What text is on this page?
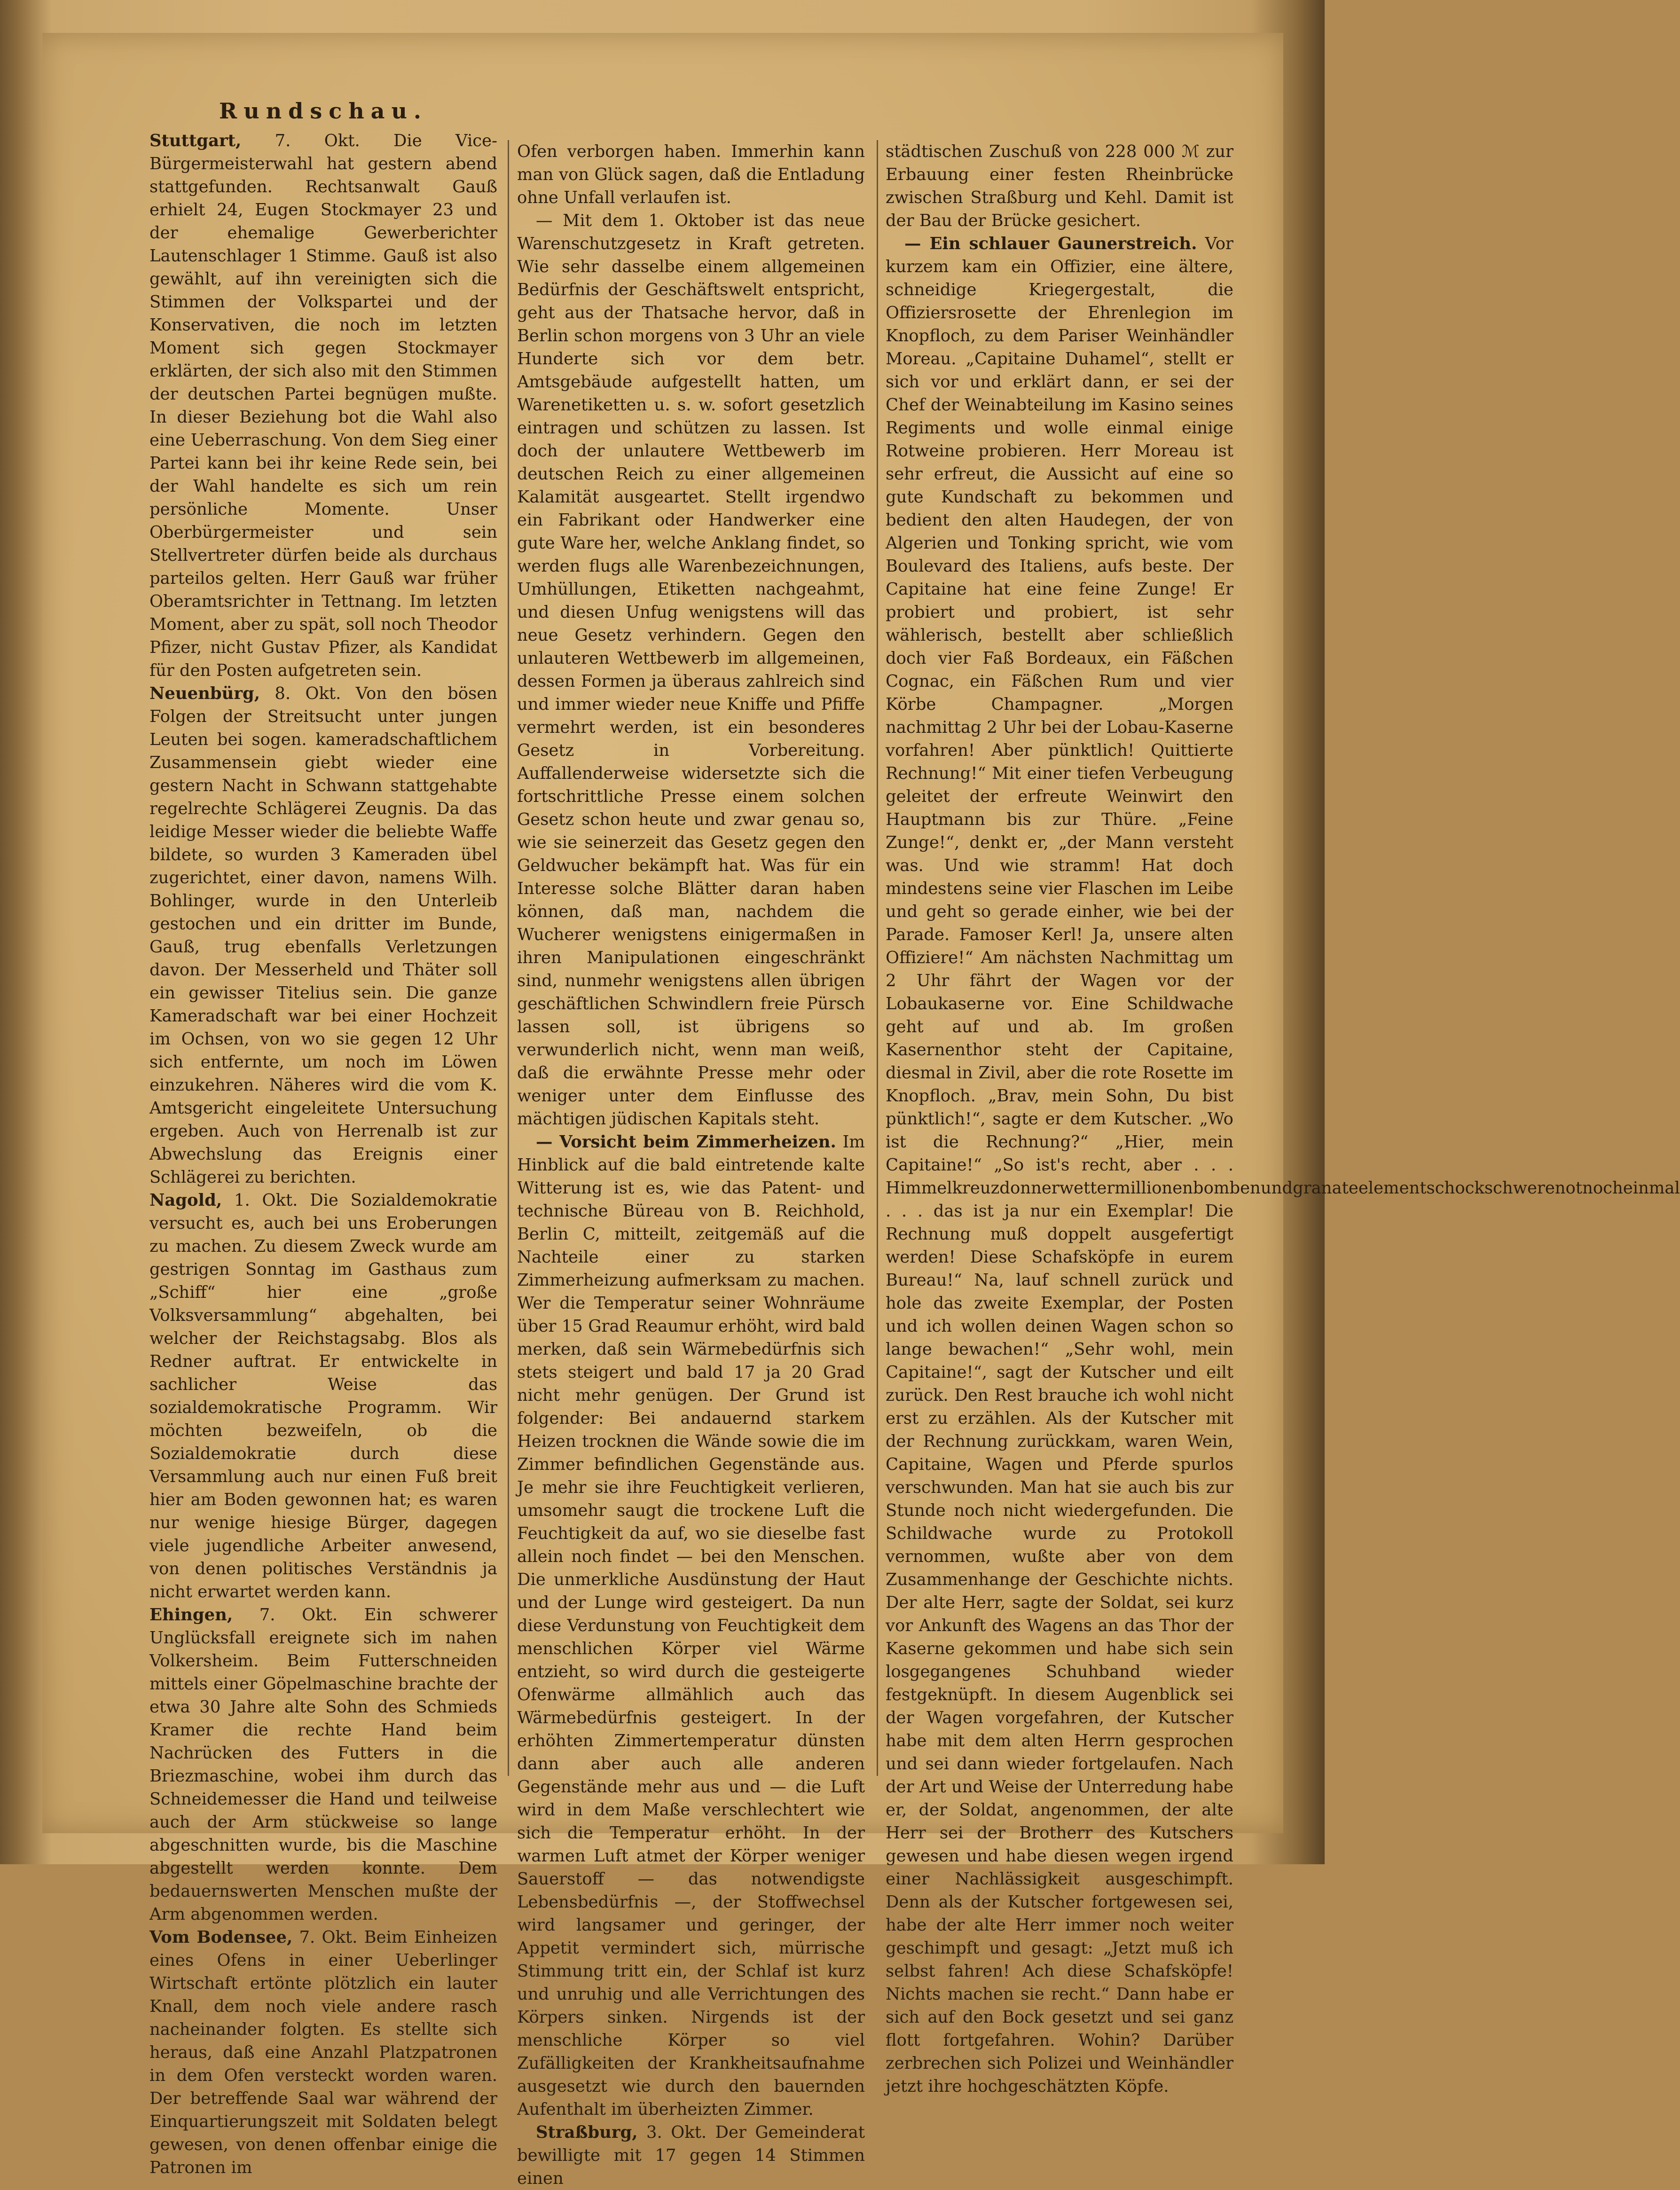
Rundschau.

Stuttgart, 7. Okt. Die Vice-Bürgermeisterwahl hat gestern abend stattgefunden. Rechtsanwalt Gauß erhielt 24, Eugen Stockmayer 23 und der ehemalige Gewerberichter Lautenschlager 1 Stimme. Gauß ist also gewählt, auf ihn vereinigten sich die Stimmen der Volkspartei und der Konservativen, die noch im letzten Moment sich gegen Stockmayer erklärten, der sich also mit den Stimmen der deutschen Partei begnügen mußte. In dieser Beziehung bot die Wahl also eine Ueberraschung. Von dem Sieg einer Partei kann bei ihr keine Rede sein, bei der Wahl handelte es sich um rein persönliche Momente. Unser Oberbürgermeister und sein Stellvertreter dürfen beide als durchaus parteilos gelten. Herr Gauß war früher Oberamtsrichter in Tettnang. Im letzten Moment, aber zu spät, soll noch Theodor Pfizer, nicht Gustav Pfizer, als Kandidat für den Posten aufgetreten sein.

Neuenbürg, 8. Okt. Von den bösen Folgen der Streitsucht unter jungen Leuten bei sogen. kameradschaftlichem Zusammensein giebt wieder eine gestern Nacht in Schwann stattgehabte regelrechte Schlägerei Zeugnis. Da das leidige Messer wieder die beliebte Waffe bildete, so wurden 3 Kameraden übel zugerichtet, einer davon, namens Wilh. Bohlinger, wurde in den Unterleib gestochen und ein dritter im Bunde, Gauß, trug ebenfalls Verletzungen davon. Der Messerheld und Thäter soll ein gewisser Titelius sein. Die ganze Kameradschaft war bei einer Hochzeit im Ochsen, von wo sie gegen 12 Uhr sich entfernte, um noch im Löwen einzukehren. Näheres wird die vom K. Amtsgericht eingeleitete Untersuchung ergeben. Auch von Herrenalb ist zur Abwechslung das Ereignis einer Schlägerei zu berichten.

Nagold, 1. Okt. Die Sozialdemokratie versucht es, auch bei uns Eroberungen zu machen. Zu diesem Zweck wurde am gestrigen Sonntag im Gasthaus zum „Schiff“ hier eine „große Volksversammlung“ abgehalten, bei welcher der Reichstagsabg. Blos als Redner auftrat. Er entwickelte in sachlicher Weise das sozialdemokratische Programm. Wir möchten bezweifeln, ob die Sozialdemokratie durch diese Versammlung auch nur einen Fuß breit hier am Boden gewonnen hat; es waren nur wenige hiesige Bürger, dagegen viele jugendliche Arbeiter anwesend, von denen politisches Verständnis ja nicht erwartet werden kann.

Ehingen, 7. Okt. Ein schwerer Unglücksfall ereignete sich im nahen Volkersheim. Beim Futterschneiden mittels einer Göpelmaschine brachte der etwa 30 Jahre alte Sohn des Schmieds Kramer die rechte Hand beim Nachrücken des Futters in die Briezmaschine, wobei ihm durch das Schneidemesser die Hand und teilweise auch der Arm stückweise so lange abgeschnitten wurde, bis die Maschine abgestellt werden konnte. Dem bedauernswerten Menschen mußte der Arm abgenommen werden.

Vom Bodensee, 7. Okt. Beim Einheizen eines Ofens in einer Ueberlinger Wirtschaft ertönte plötzlich ein lauter Knall, dem noch viele andere rasch nacheinander folgten. Es stellte sich heraus, daß eine Anzahl Platzpatronen in dem Ofen versteckt worden waren. Der betreffende Saal war während der Einquartierungszeit mit Soldaten belegt gewesen, von denen offenbar einige die Patronen im

Ofen verborgen haben. Immerhin kann man von Glück sagen, daß die Entladung ohne Unfall verlaufen ist.

— Mit dem 1. Oktober ist das neue Warenschutzgesetz in Kraft getreten. Wie sehr dasselbe einem allgemeinen Bedürfnis der Geschäftswelt entspricht, geht aus der Thatsache hervor, daß in Berlin schon morgens von 3 Uhr an viele Hunderte sich vor dem betr. Amtsgebäude aufgestellt hatten, um Warenetiketten u. s. w. sofort gesetzlich eintragen und schützen zu lassen. Ist doch der unlautere Wettbewerb im deutschen Reich zu einer allgemeinen Kalamität ausgeartet. Stellt irgendwo ein Fabrikant oder Handwerker eine gute Ware her, welche Anklang findet, so werden flugs alle Warenbezeichnungen, Umhüllungen, Etiketten nachgeahmt, und diesen Unfug wenigstens will das neue Gesetz verhindern. Gegen den unlauteren Wettbewerb im allgemeinen, dessen Formen ja überaus zahlreich sind und immer wieder neue Kniffe und Pfiffe vermehrt werden, ist ein besonderes Gesetz in Vorbereitung. Auffallenderweise widersetzte sich die fortschrittliche Presse einem solchen Gesetz schon heute und zwar genau so, wie sie seinerzeit das Gesetz gegen den Geldwucher bekämpft hat. Was für ein Interesse solche Blätter daran haben können, daß man, nachdem die Wucherer wenigstens einigermaßen in ihren Manipulationen eingeschränkt sind, nunmehr wenigstens allen übrigen geschäftlichen Schwindlern freie Pürsch lassen soll, ist übrigens so verwunderlich nicht, wenn man weiß, daß die erwähnte Presse mehr oder weniger unter dem Einflusse des mächtigen jüdischen Kapitals steht.

— Vorsicht beim Zimmerheizen. Im Hinblick auf die bald eintretende kalte Witterung ist es, wie das Patent- und technische Büreau von B. Reichhold, Berlin C, mitteilt, zeitgemäß auf die Nachteile einer zu starken Zimmerheizung aufmerksam zu machen. Wer die Temperatur seiner Wohnräume über 15 Grad Reaumur erhöht, wird bald merken, daß sein Wärmebedürfnis sich stets steigert und bald 17 ja 20 Grad nicht mehr genügen. Der Grund ist folgender: Bei andauernd starkem Heizen trocknen die Wände sowie die im Zimmer befindlichen Gegenstände aus. Je mehr sie ihre Feuchtigkeit verlieren, umsomehr saugt die trockene Luft die Feuchtigkeit da auf, wo sie dieselbe fast allein noch findet — bei den Menschen. Die unmerkliche Ausdünstung der Haut und der Lunge wird gesteigert. Da nun diese Verdunstung von Feuchtigkeit dem menschlichen Körper viel Wärme entzieht, so wird durch die gesteigerte Ofenwärme allmählich auch das Wärmebedürfnis gesteigert. In der erhöhten Zimmertemperatur dünsten dann aber auch alle anderen Gegenstände mehr aus und — die Luft wird in dem Maße verschlechtert wie sich die Temperatur erhöht. In der warmen Luft atmet der Körper weniger Sauerstoff — das notwendigste Lebensbedürfnis —, der Stoffwechsel wird langsamer und geringer, der Appetit vermindert sich, mürrische Stimmung tritt ein, der Schlaf ist kurz und unruhig und alle Verrichtungen des Körpers sinken. Nirgends ist der menschliche Körper so viel Zufälligkeiten der Krankheitsaufnahme ausgesetzt wie durch den bauernden Aufenthalt im überheizten Zimmer.

Straßburg, 3. Okt. Der Gemeinderat bewilligte mit 17 gegen 14 Stimmen einen

städtischen Zuschuß von 228 000 ℳ zur Erbauung einer festen Rheinbrücke zwischen Straßburg und Kehl. Damit ist der Bau der Brücke gesichert.

— Ein schlauer Gaunerstreich. Vor kurzem kam ein Offizier, eine ältere, schneidige Kriegergestalt, die Offiziersrosette der Ehrenlegion im Knopfloch, zu dem Pariser Weinhändler Moreau. „Capitaine Duhamel“, stellt er sich vor und erklärt dann, er sei der Chef der Weinabteilung im Kasino seines Regiments und wolle einmal einige Rotweine probieren. Herr Moreau ist sehr erfreut, die Aussicht auf eine so gute Kundschaft zu bekommen und bedient den alten Haudegen, der von Algerien und Tonking spricht, wie vom Boulevard des Italiens, aufs beste. Der Capitaine hat eine feine Zunge! Er probiert und probiert, ist sehr wählerisch, bestellt aber schließlich doch vier Faß Bordeaux, ein Fäßchen Cognac, ein Fäßchen Rum und vier Körbe Champagner. „Morgen nachmittag 2 Uhr bei der Lobau-Kaserne vorfahren! Aber pünktlich! Quittierte Rechnung!“ Mit einer tiefen Verbeugung geleitet der erfreute Weinwirt den Hauptmann bis zur Thüre. „Feine Zunge!“, denkt er, „der Mann versteht was. Und wie stramm! Hat doch mindestens seine vier Flaschen im Leibe und geht so gerade einher, wie bei der Parade. Famoser Kerl! Ja, unsere alten Offiziere!“ Am nächsten Nachmittag um 2 Uhr fährt der Wagen vor der Lobaukaserne vor. Eine Schildwache geht auf und ab. Im großen Kasernenthor steht der Capitaine, diesmal in Zivil, aber die rote Rosette im Knopfloch. „Brav, mein Sohn, Du bist pünktlich!“, sagte er dem Kutscher. „Wo ist die Rechnung?“ „Hier, mein Capitaine!“ „So ist's recht, aber . . . Himmelkreuzdonnerwettermillionenbombenundgranateelementschockschwerenotnocheinmal . . . das ist ja nur ein Exemplar! Die Rechnung muß doppelt ausgefertigt werden! Diese Schafsköpfe in eurem Bureau!“ Na, lauf schnell zurück und hole das zweite Exemplar, der Posten und ich wollen deinen Wagen schon so lange bewachen!“ „Sehr wohl, mein Capitaine!“, sagt der Kutscher und eilt zurück. Den Rest brauche ich wohl nicht erst zu erzählen. Als der Kutscher mit der Rechnung zurückkam, waren Wein, Capitaine, Wagen und Pferde spurlos verschwunden. Man hat sie auch bis zur Stunde noch nicht wiedergefunden. Die Schildwache wurde zu Protokoll vernommen, wußte aber von dem Zusammenhange der Geschichte nichts. Der alte Herr, sagte der Soldat, sei kurz vor Ankunft des Wagens an das Thor der Kaserne gekommen und habe sich sein losgegangenes Schuhband wieder festgeknüpft. In diesem Augenblick sei der Wagen vorgefahren, der Kutscher habe mit dem alten Herrn gesprochen und sei dann wieder fortgelaufen. Nach der Art und Weise der Unterredung habe er, der Soldat, angenommen, der alte Herr sei der Brotherr des Kutschers gewesen und habe diesen wegen irgend einer Nachlässigkeit ausgeschimpft. Denn als der Kutscher fortgewesen sei, habe der alte Herr immer noch weiter geschimpft und gesagt: „Jetzt muß ich selbst fahren! Ach diese Schafsköpfe! Nichts machen sie recht.“ Dann habe er sich auf den Bock gesetzt und sei ganz flott fortgefahren. Wohin? Darüber zerbrechen sich Polizei und Weinhändler jetzt ihre hochgeschätzten Köpfe.
